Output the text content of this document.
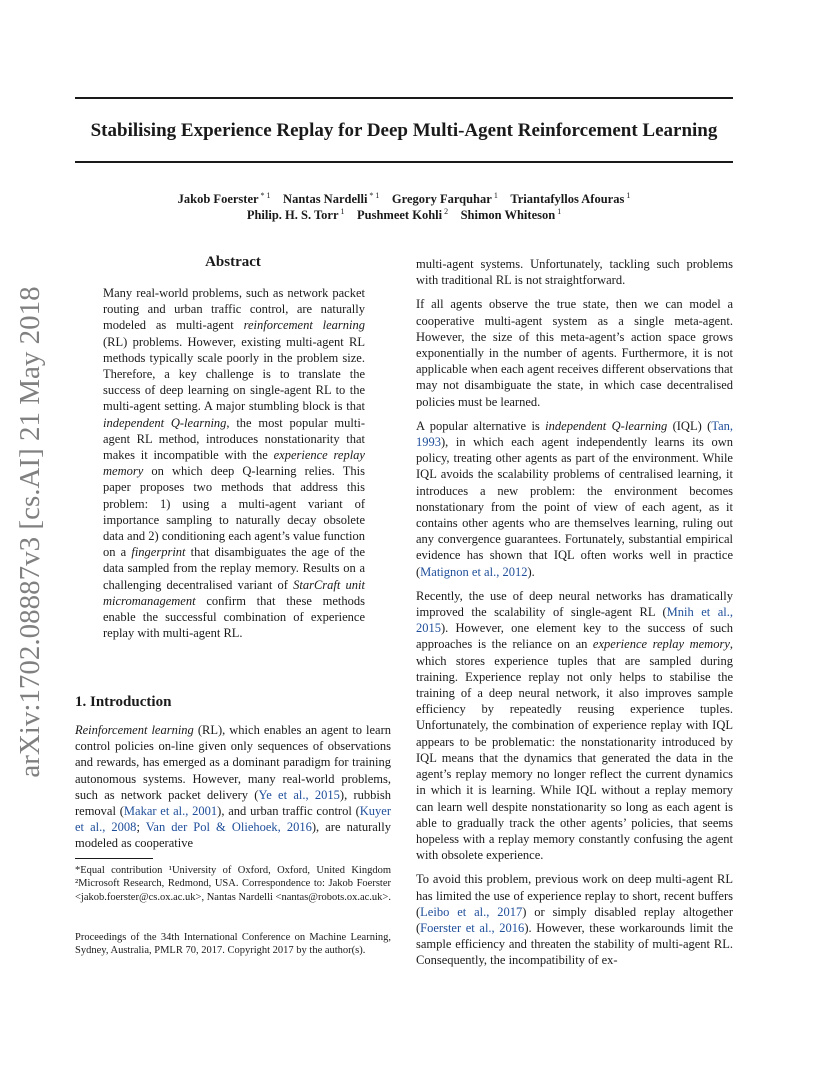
Stabilising Experience Replay for Deep Multi-Agent Reinforcement Learning
Jakob Foerster $^{* 1}$  Nantas Nardelli $^{* 1}$  Gregory Farquhar $^1$  Triantafyllos Afouras $^1$
Philip. H. S. Torr $^1$  Pushmeet Kohli $^2$  Shimon Whiteson $^1$
arXiv:1702.08887v3 [cs.AI] 21 May 2018
Abstract
Many real-world problems, such as network packet routing and urban traffic control, are naturally modeled as multi-agent reinforcement learning (RL) problems. However, existing multi-agent RL methods typically scale poorly in the problem size. Therefore, a key challenge is to translate the success of deep learning on single-agent RL to the multi-agent setting. A major stumbling block is that independent Q-learning, the most popular multi-agent RL method, introduces nonstationarity that makes it incompatible with the experience replay memory on which deep Q-learning relies. This paper proposes two methods that address this problem: 1) using a multi-agent variant of importance sampling to naturally decay obsolete data and 2) conditioning each agent’s value function on a fingerprint that disambiguates the age of the data sampled from the replay memory. Results on a challenging decentralised variant of StarCraft unit micromanagement confirm that these methods enable the successful combination of experience replay with multi-agent RL.
1. Introduction
Reinforcement learning (RL), which enables an agent to learn control policies on-line given only sequences of observations and rewards, has emerged as a dominant paradigm for training autonomous systems. However, many real-world problems, such as network packet delivery (Ye et al., 2015), rubbish removal (Makar et al., 2001), and urban traffic control (Kuyer et al., 2008; Van der Pol & Oliehoek, 2016), are naturally modeled as cooperative
*Equal contribution ¹University of Oxford, Oxford, United Kingdom ²Microsoft Research, Redmond, USA. Correspondence to: Jakob Foerster <jakob.foerster@cs.ox.ac.uk>, Nantas Nardelli <nantas@robots.ox.ac.uk>.
Proceedings of the 34th International Conference on Machine Learning, Sydney, Australia, PMLR 70, 2017. Copyright 2017 by the author(s).

multi-agent systems. Unfortunately, tackling such problems with traditional RL is not straightforward.

If all agents observe the true state, then we can model a cooperative multi-agent system as a single meta-agent. However, the size of this meta-agent’s action space grows exponentially in the number of agents. Furthermore, it is not applicable when each agent receives different observations that may not disambiguate the state, in which case decentralised policies must be learned.

A popular alternative is independent Q-learning (IQL) (Tan, 1993), in which each agent independently learns its own policy, treating other agents as part of the environment. While IQL avoids the scalability problems of centralised learning, it introduces a new problem: the environment becomes nonstationary from the point of view of each agent, as it contains other agents who are themselves learning, ruling out any convergence guarantees. Fortunately, substantial empirical evidence has shown that IQL often works well in practice (Matignon et al., 2012).

Recently, the use of deep neural networks has dramatically improved the scalability of single-agent RL (Mnih et al., 2015). However, one element key to the success of such approaches is the reliance on an experience replay memory, which stores experience tuples that are sampled during training. Experience replay not only helps to stabilise the training of a deep neural network, it also improves sample efficiency by repeatedly reusing experience tuples. Unfortunately, the combination of experience replay with IQL appears to be problematic: the nonstationarity introduced by IQL means that the dynamics that generated the data in the agent’s replay memory no longer reflect the current dynamics in which it is learning. While IQL without a replay memory can learn well despite nonstationarity so long as each agent is able to gradually track the other agents’ policies, that seems hopeless with a replay memory constantly confusing the agent with obsolete experience.

To avoid this problem, previous work on deep multi-agent RL has limited the use of experience replay to short, recent buffers (Leibo et al., 2017) or simply disabled replay altogether (Foerster et al., 2016). However, these workarounds limit the sample efficiency and threaten the stability of multi-agent RL. Consequently, the incompatibility of ex-
